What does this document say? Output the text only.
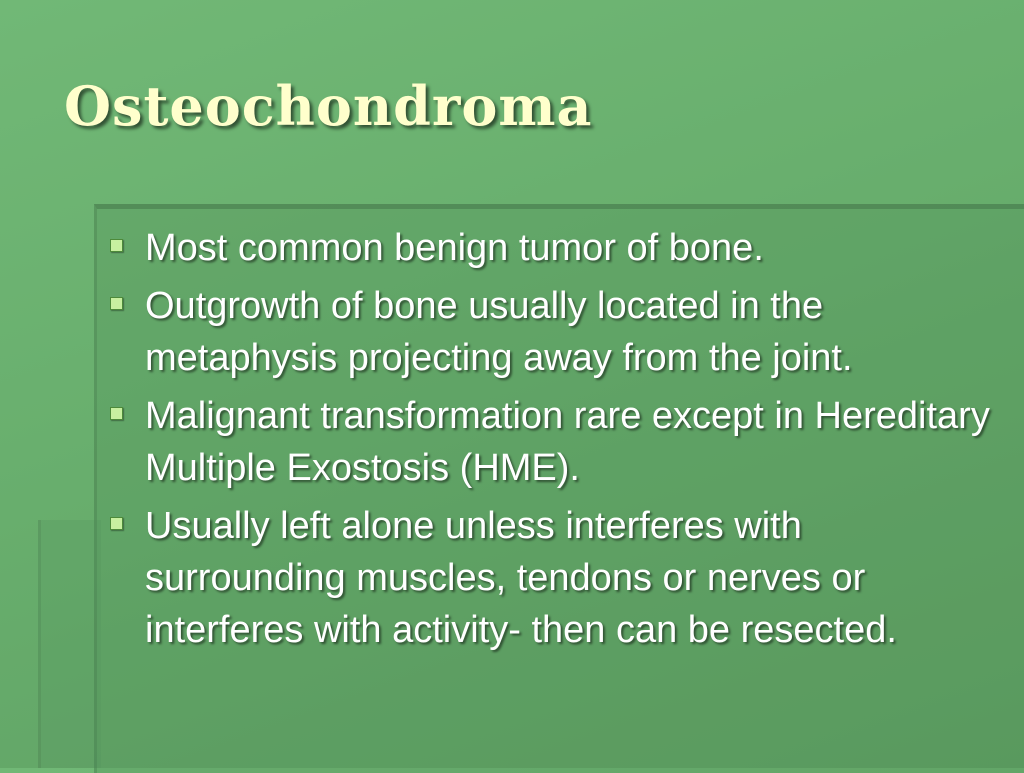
Osteochondroma
Most common benign tumor of bone.
Outgrowth of bone usually located in the metaphysis projecting away from the joint.
Malignant transformation rare except in Hereditary Multiple Exostosis (HME).
Usually left alone unless interferes with surrounding muscles, tendons or nerves or interferes with activity- then can be resected.
